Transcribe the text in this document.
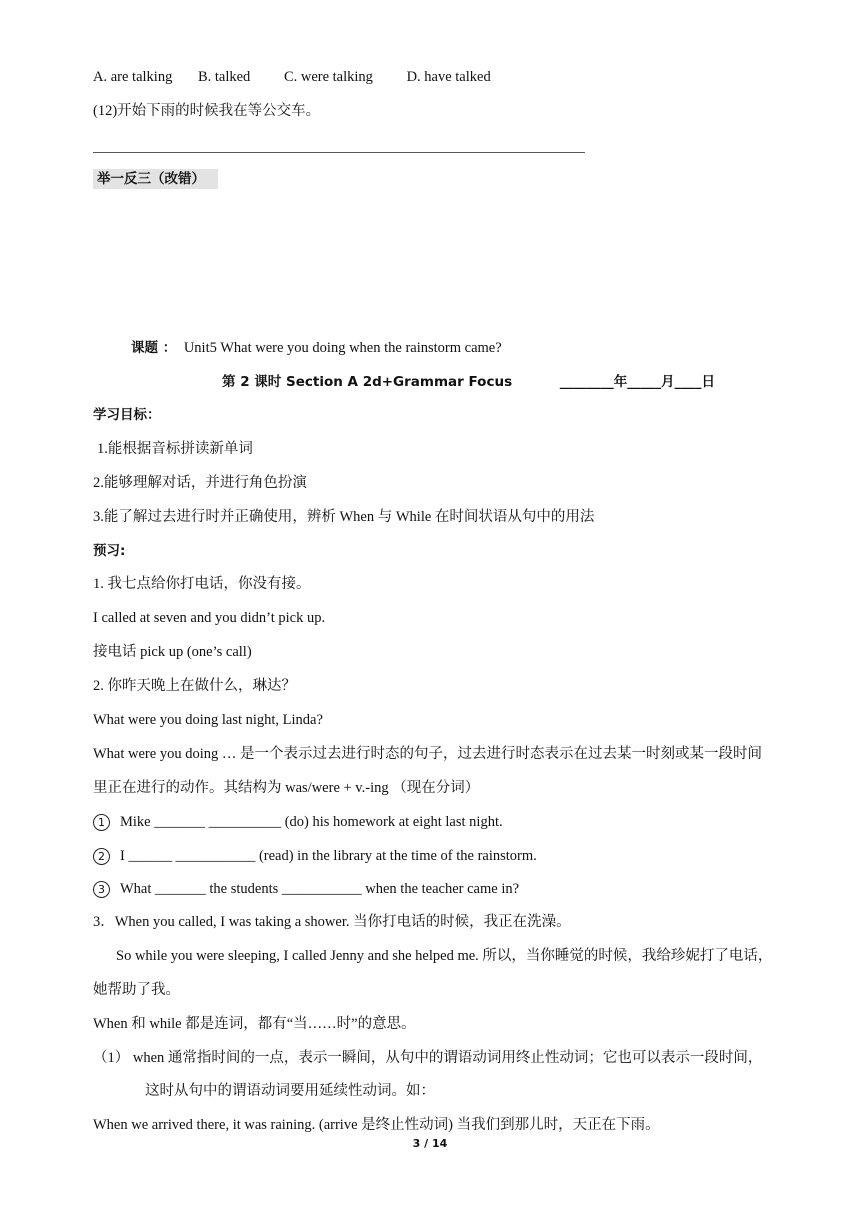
A. are talking B. talked C. were talking D. have talked
(12)开始下雨的时候我在等公交车。
举一反三（改错）
课题 ： Unit5 What were you doing when the rainstorm came?
第 2 课时 Section A 2d+Grammar Focus	________年_____月____日
学习目标：
1.能根据音标拼读新单词
2.能够理解对话，并进行角色扮演
3.能了解过去进行时并正确使用，辨析 When 与 While 在时间状语从句中的用法
预习:
1. 我七点给你打电话，你没有接。
I called at seven and you didn’t pick up.
接电话 pick up (one’s call)
2. 你昨天晚上在做什么，琳达？
What were you doing last night, Linda?
What were you doing … 是一个表示过去进行时态的句子，过去进行时态表示在过去某一时刻或某一段时间
里正在进行的动作。其结构为 was/were + v.-ing （现在分词）
1 Mike _______ __________ (do) his homework at eight last night.
2 I ______ ___________ (read) in the library at the time of the rainstorm.
3 What _______ the students ___________ when the teacher came in?
3．When you called, I was taking a shower. 当你打电话的时候，我正在洗澡。
So while you were sleeping, I called Jenny and she helped me. 所以，当你睡觉的时候，我给珍妮打了电话，
她帮助了我。
When 和 while 都是连词，都有“当……时”的意思。
（1） when 通常指时间的一点，表示一瞬间，从句中的谓语动词用终止性动词；它也可以表示一段时间，
这时从句中的谓语动词要用延续性动词。如：
When we arrived there, it was raining. (arrive 是终止性动词) 当我们到那儿时，天正在下雨。
3 / 14
